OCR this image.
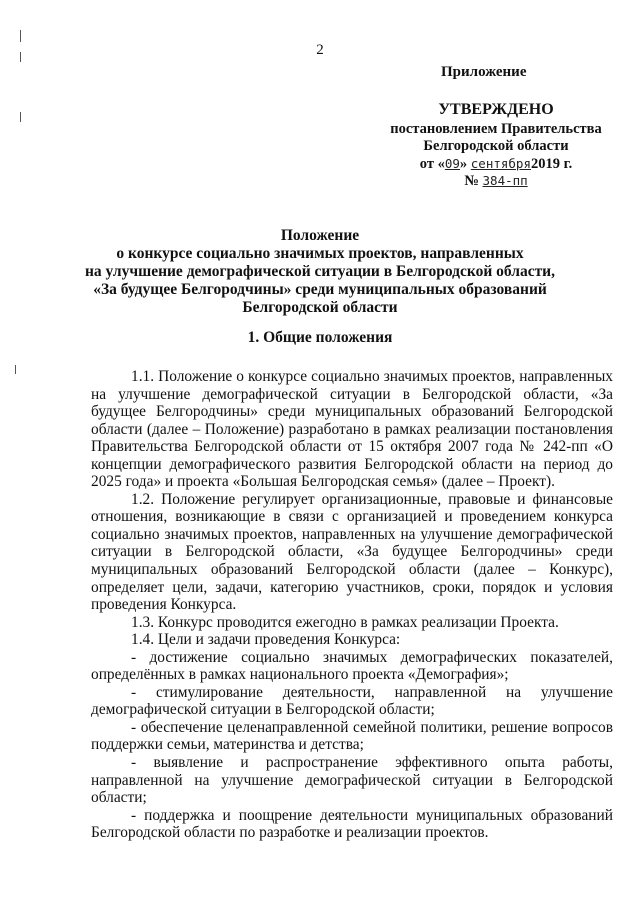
2
Приложение
УТВЕРЖДЕНО
постановлением Правительства
Белгородской области
от «09» сентября2019 г.
№ 384-пп
Положение
о конкурсе социально значимых проектов, направленных
на улучшение демографической ситуации в Белгородской области,
«За будущее Белгородчины» среди муниципальных образований
Белгородской области
1. Общие положения

1.1. Положение о конкурсе социально значимых проектов, направленных на улучшение демографической ситуации в Белгородской области, «За будущее Белгородчины» среди муниципальных образований Белгородской области (далее – Положение) разработано в рамках реализации постановления Правительства Белгородской области от 15 октября 2007 года № 242-пп «О концепции демографического развития Белгородской области на период до 2025 года» и проекта «Большая Белгородская семья» (далее – Проект).

1.2. Положение регулирует организационные, правовые и финансовые отношения, возникающие в связи с организацией и проведением конкурса социально значимых проектов, направленных на улучшение демографической ситуации в Белгородской области, «За будущее Белгородчины» среди муниципальных образований Белгородской области (далее – Конкурс), определяет цели, задачи, категорию участников, сроки, порядок и условия проведения Конкурса.

1.3. Конкурс проводится ежегодно в рамках реализации Проекта.

1.4. Цели и задачи проведения Конкурса:

- достижение социально значимых демографических показателей, определённых в рамках национального проекта «Демография»;

- стимулирование деятельности, направленной на улучшение демографической ситуации в Белгородской области;

- обеспечение целенаправленной семейной политики, решение вопросов поддержки семьи, материнства и детства;

- выявление и распространение эффективного опыта работы, направленной на улучшение демографической ситуации в Белгородской области;

- поддержка и поощрение деятельности муниципальных образований Белгородской области по разработке и реализации проектов.
